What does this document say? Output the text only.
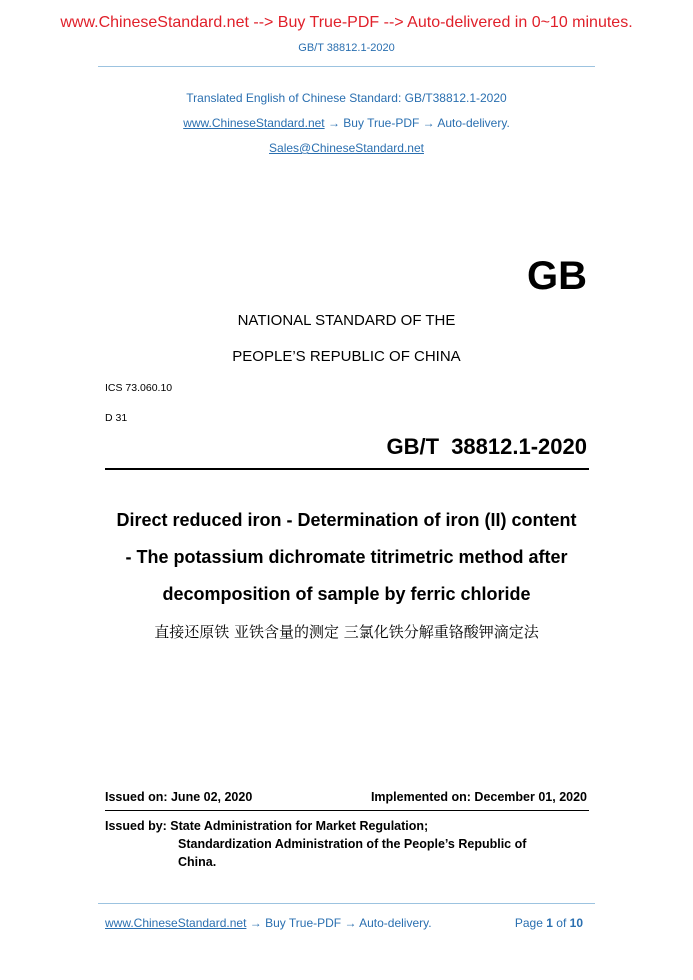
www.ChineseStandard.net --> Buy True-PDF --> Auto-delivered in 0~10 minutes.
GB/T 38812.1-2020
Translated English of Chinese Standard: GB/T38812.1-2020
www.ChineseStandard.net → Buy True-PDF → Auto-delivery.
Sales@ChineseStandard.net
GB
NATIONAL STANDARD OF THE
PEOPLE’S REPUBLIC OF CHINA
ICS 73.060.10
D 31
GB/T 38812.1-2020
Direct reduced iron - Determination of iron (II) content
- The potassium dichromate titrimetric method after
decomposition of sample by ferric chloride
直接还原铁 亚铁含量的测定 三氯化铁分解重铬酸钾滴定法
Issued on: June 02, 2020	Implemented on: December 01, 2020
Issued by: State Administration for Market Regulation;
Standardization Administration of the People’s Republic of
China.
www.ChineseStandard.net → Buy True-PDF → Auto-delivery.	Page 1 of 10
